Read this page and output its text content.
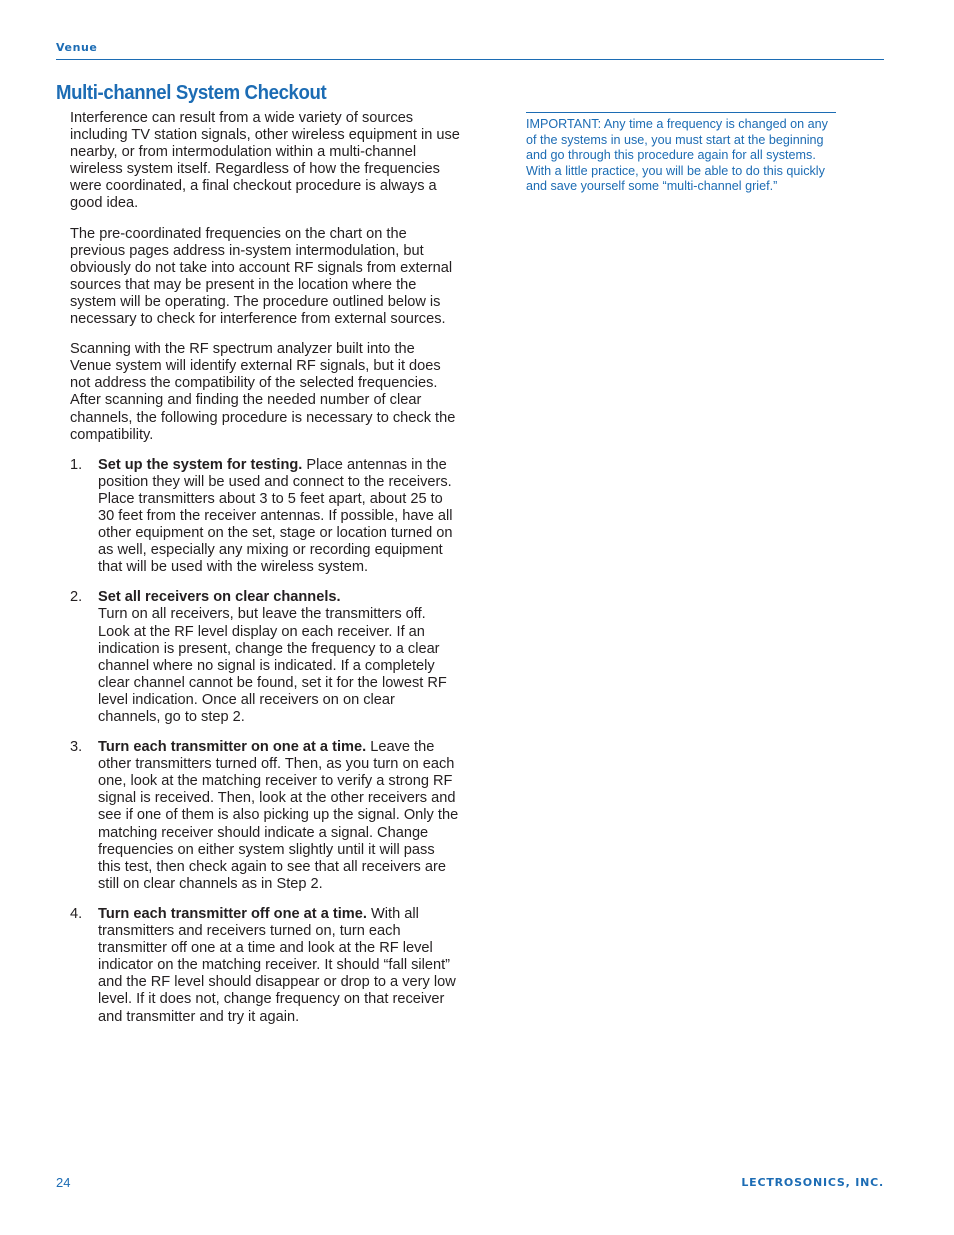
Venue
Multi-channel System Checkout

Interference can result from a wide variety of sources including TV station signals, other wireless equipment in use nearby, or from intermodulation within a multi-channel wireless system itself. Regardless of how the frequencies were coordinated, a final checkout procedure is always a good idea.

The pre-coordinated frequencies on the chart on the previous pages address in-system intermodulation, but obviously do not take into account RF signals from external sources that may be present in the location where the system will be operating. The procedure outlined below is necessary to check for interference from external sources.

Scanning with the RF spectrum analyzer built into the Venue system will identify external RF signals, but it does not address the compatibility of the selected frequencies. After scanning and finding the needed number of clear channels, the following procedure is necessary to check the compatibility.

1. Set up the system for testing. Place antennas in the position they will be used and connect to the receivers. Place transmitters about 3 to 5 feet apart, about 25 to 30 feet from the receiver antennas. If possible, have all other equipment on the set, stage or location turned on as well, especially any mixing or recording equipment that will be used with the wireless system.
2. Set all receivers on clear channels.
Turn on all receivers, but leave the transmitters off. Look at the RF level display on each receiver. If an indication is present, change the frequency to a clear channel where no signal is indicated. If a completely clear channel cannot be found, set it for the lowest RF level indication. Once all receivers on on clear channels, go to step 2.
3. Turn each transmitter on one at a time. Leave the other transmitters turned off. Then, as you turn on each one, look at the matching receiver to verify a strong RF signal is received. Then, look at the other receivers and see if one of them is also picking up the signal. Only the matching receiver should indicate a signal. Change frequencies on either system slightly until it will pass this test, then check again to see that all receivers are still on clear channels as in Step 2.
4. Turn each transmitter off one at a time. With all transmitters and receivers turned on, turn each transmitter off one at a time and look at the RF level indicator on the matching receiver. It should “fall silent” and the RF level should disappear or drop to a very low level. If it does not, change frequency on that receiver and transmitter and try it again.
IMPORTANT: Any time a frequency is changed on any of the systems in use, you must start at the beginning and go through this procedure again for all systems. With a little practice, you will be able to do this quickly and save yourself some “multi-channel grief.”
24	LECTROSONICS, INC.
